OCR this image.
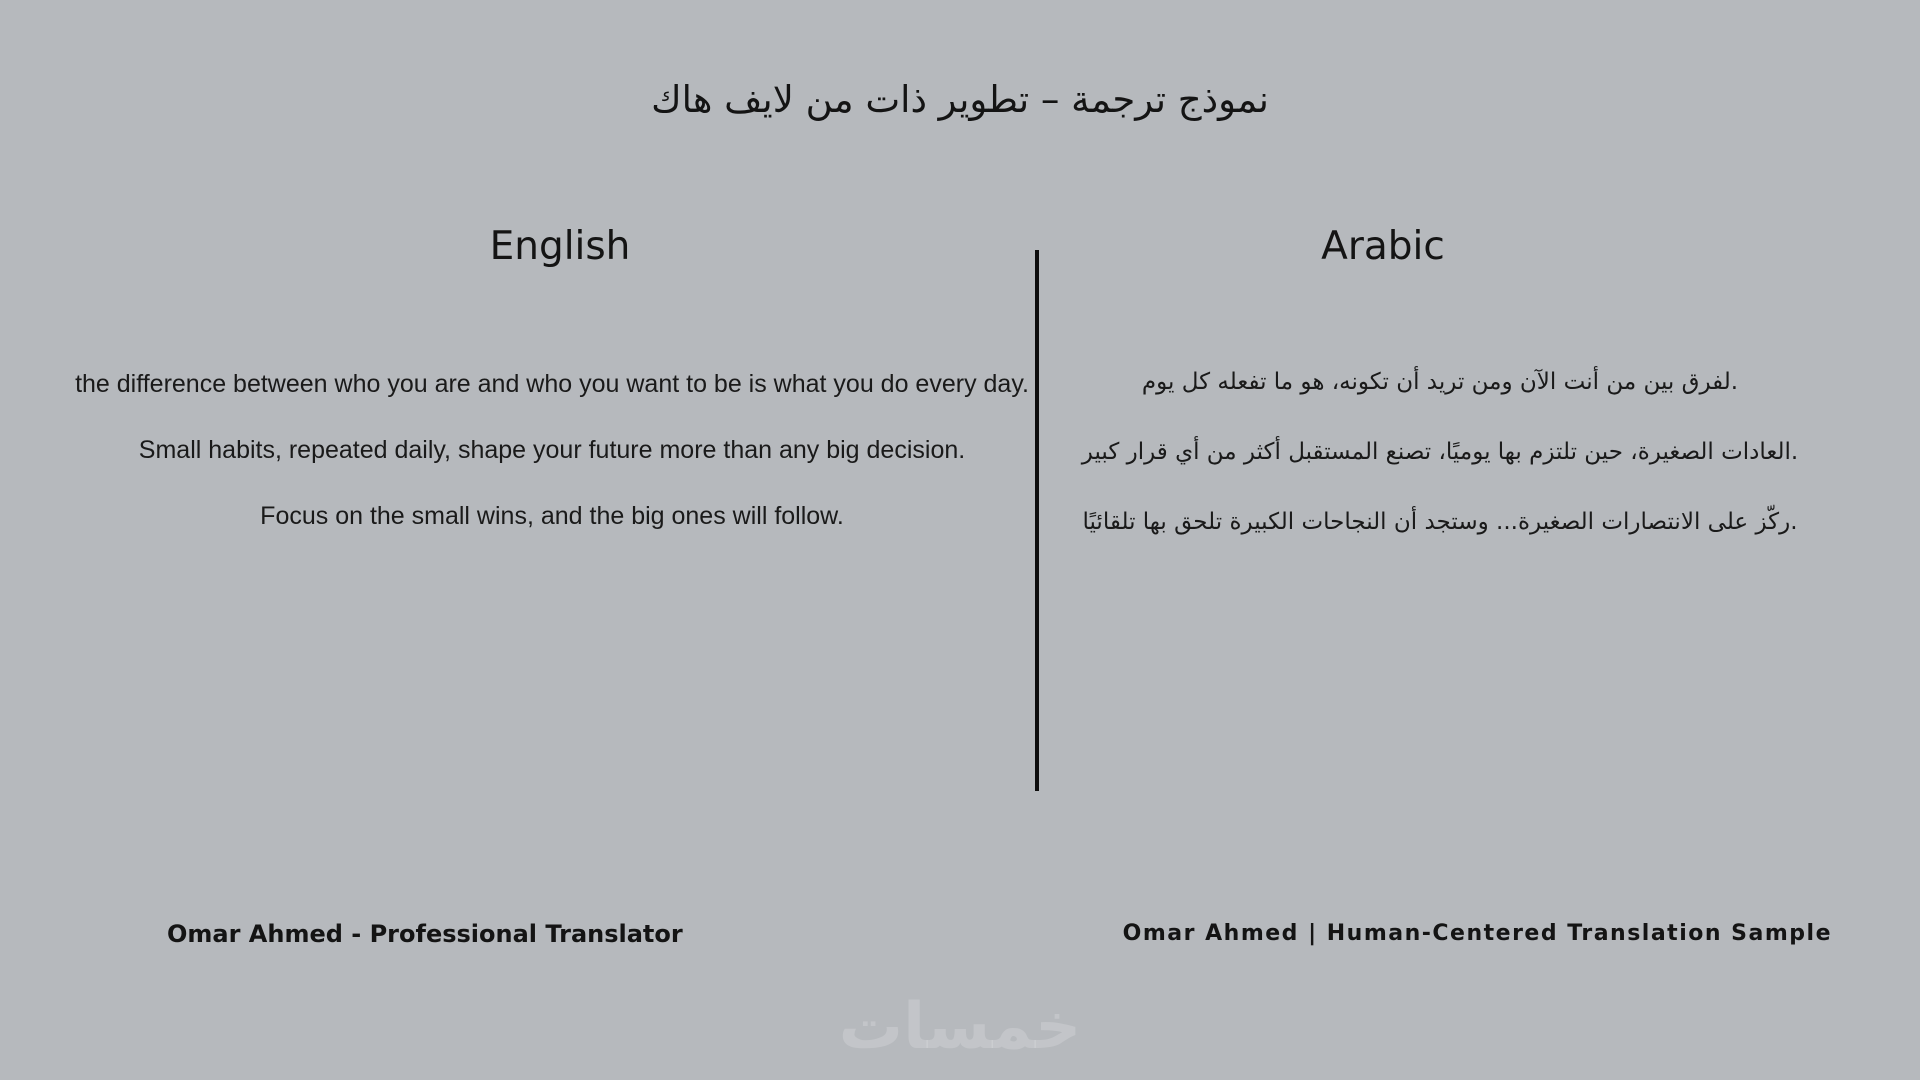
نموذج ترجمة – تطوير ذات من لايف هاك
English	Arabic

the difference between who you are and who you want to be is what you do every day.

Small habits, repeated daily, shape your future more than any big decision.

Focus on the small wins, and the big ones will follow.

لفرق بين من أنت الآن ومن تريد أن تكونه، هو ما تفعله كل يوم.

العادات الصغيرة، حين تلتزم بها يوميًا، تصنع المستقبل أكثر من أي قرار كبير.

ركّز على الانتصارات الصغيرة... وستجد أن النجاحات الكبيرة تلحق بها تلقائيًا.

Omar Ahmed - Professional Translator	Omar Ahmed | Human-Centered Translation Sample
خمسات
